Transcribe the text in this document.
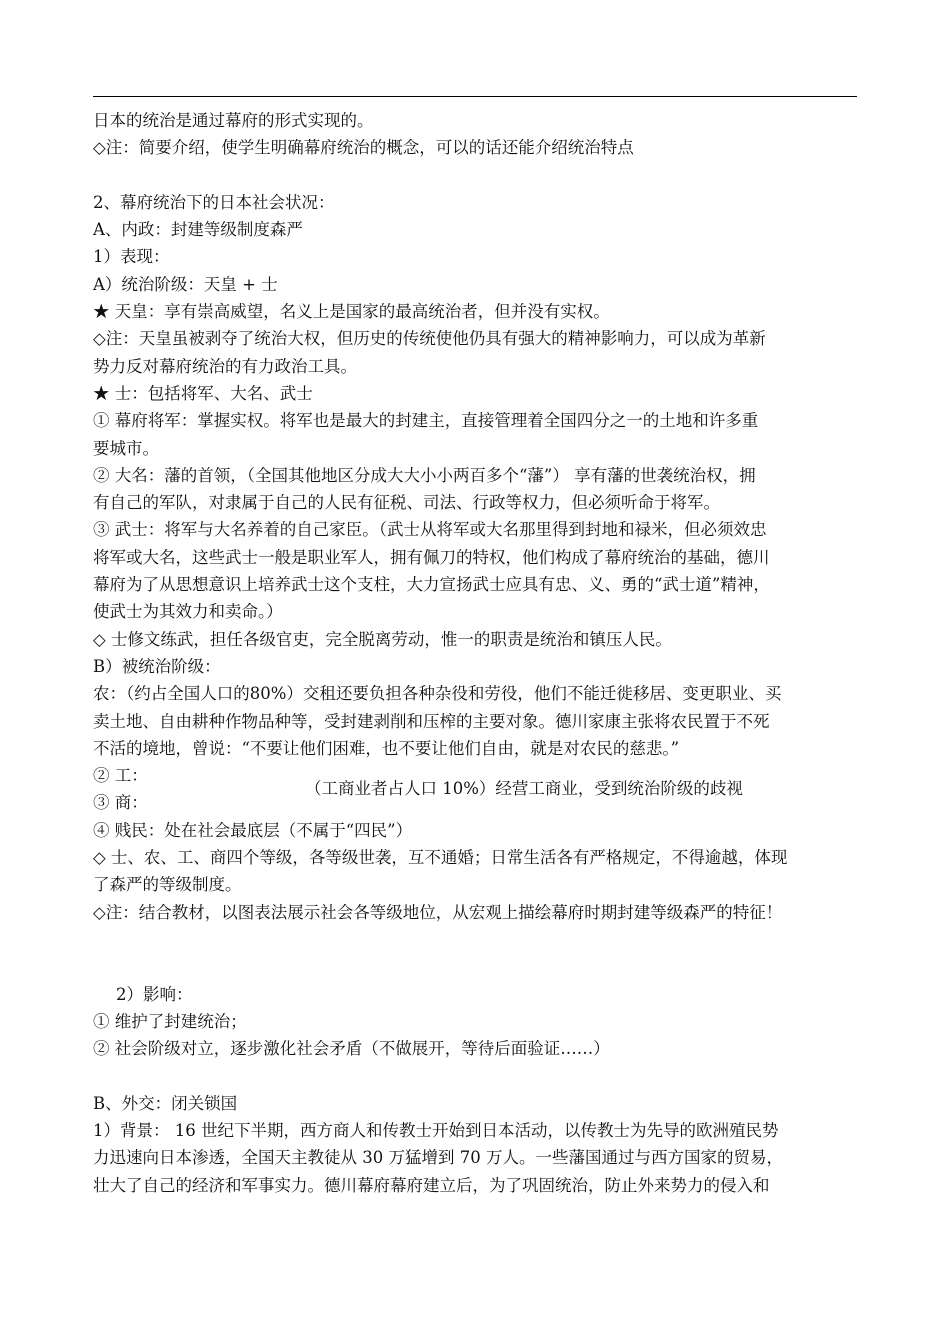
日本的统治是通过幕府的形式实现的。
◇注：简要介绍，使学生明确幕府统治的概念，可以的话还能介绍统治特点
2、幕府统治下的日本社会状况：
A、内政：封建等级制度森严
1）表现：
A）统治阶级：天皇 + 士
★ 天皇：享有崇高威望，名义上是国家的最高统治者，但并没有实权。
◇注：天皇虽被剥夺了统治大权，但历史的传统使他仍具有强大的精神影响力，可以成为革新
势力反对幕府统治的有力政治工具。
★ 士：包括将军、大名、武士
① 幕府将军：掌握实权。将军也是最大的封建主，直接管理着全国四分之一的土地和许多重
要城市。
② 大名：藩的首领，（全国其他地区分成大大小小两百多个“藩”） 享有藩的世袭统治权，拥
有自己的军队，对隶属于自己的人民有征税、司法、行政等权力，但必须听命于将军。
③ 武士：将军与大名养着的自己家臣。（武士从将军或大名那里得到封地和禄米，但必须效忠
将军或大名，这些武士一般是职业军人，拥有佩刀的特权，他们构成了幕府统治的基础，德川
幕府为了从思想意识上培养武士这个支柱，大力宣扬武士应具有忠、义、勇的“武士道”精神，
使武士为其效力和卖命。）
◇ 士修文练武，担任各级官吏，完全脱离劳动，惟一的职责是统治和镇压人民。
B）被统治阶级：
农：（约占全国人口的80%）交租还要负担各种杂役和劳役，他们不能迁徙移居、变更职业、买
卖土地、自由耕种作物品种等，受封建剥削和压榨的主要对象。德川家康主张将农民置于不死
不活的境地，曾说：“不要让他们困难，也不要让他们自由，就是对农民的慈悲。”
② 工：
③ 商：
（工商业者占人口 10%）经营工商业，受到统治阶级的歧视
④ 贱民：处在社会最底层（不属于“四民”）
◇ 士、农、工、商四个等级，各等级世袭，互不通婚；日常生活各有严格规定，不得逾越，体现
了森严的等级制度。
◇注：结合教材，以图表法展示社会各等级地位，从宏观上描绘幕府时期封建等级森严的特征！
2）影响：
① 维护了封建统治；
② 社会阶级对立，逐步激化社会矛盾（不做展开，等待后面验证……）
B、外交：闭关锁国
1）背景： 16 世纪下半期，西方商人和传教士开始到日本活动，以传教士为先导的欧洲殖民势
力迅速向日本渗透，全国天主教徒从 30 万猛增到 70 万人。一些藩国通过与西方国家的贸易，
壮大了自己的经济和军事实力。德川幕府幕府建立后，为了巩固统治，防止外来势力的侵入和
